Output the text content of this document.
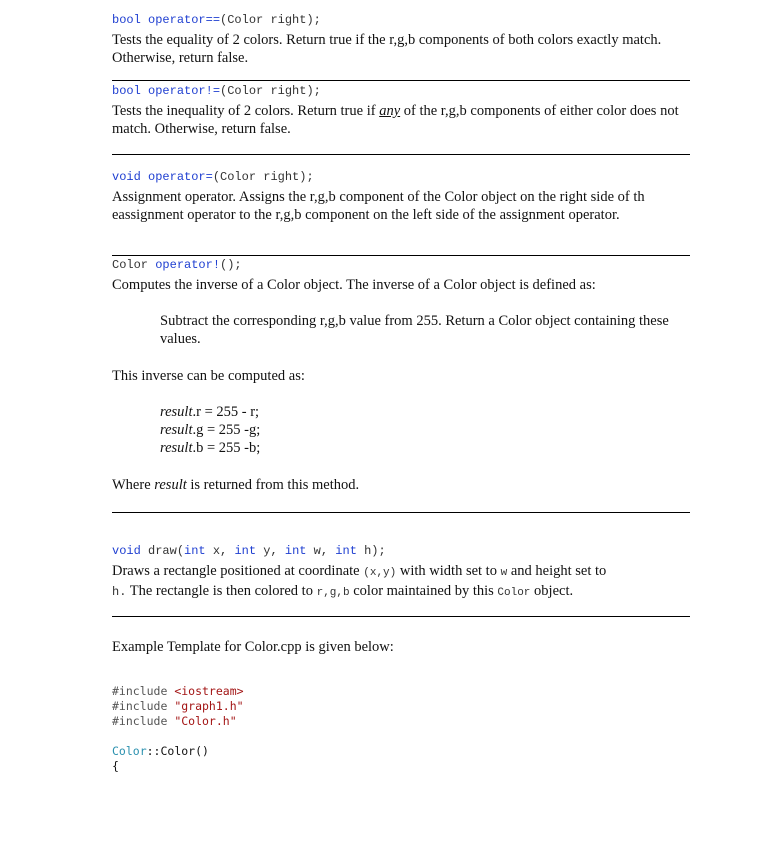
bool operator==(Color right);

Tests the equality of 2 colors. Return true if the r,g,b components of both colors exactly match. Otherwise, return false.

bool operator!=(Color right);

Tests the inequality of 2 colors. Return true if any of the r,g,b components of either color does not match. Otherwise, return false.

void operator=(Color right);

Assignment operator. Assigns the r,g,b component of the Color object on the right side of th eassignment operator to the r,g,b component on the left side of the assignment operator.

Color operator!();

Computes the inverse of a Color object. The inverse of a Color object is defined as:

Subtract the corresponding r,g,b value from 255. Return a Color object containing these values.

This inverse can be computed as:

result.r = 255 - r;
result.g = 255 -g;
result.b = 255 -b;

Where result is returned from this method.

void draw(int x, int y, int w, int h);

Draws a rectangle positioned at coordinate (x,y) with width set to w and height set to
h. The rectangle is then colored to r,g,b color maintained by this Color object.

Example Template for Color.cpp is given below:

#include <iostream>
#include "graph1.h"
#include "Color.h"
Color::Color()
{
